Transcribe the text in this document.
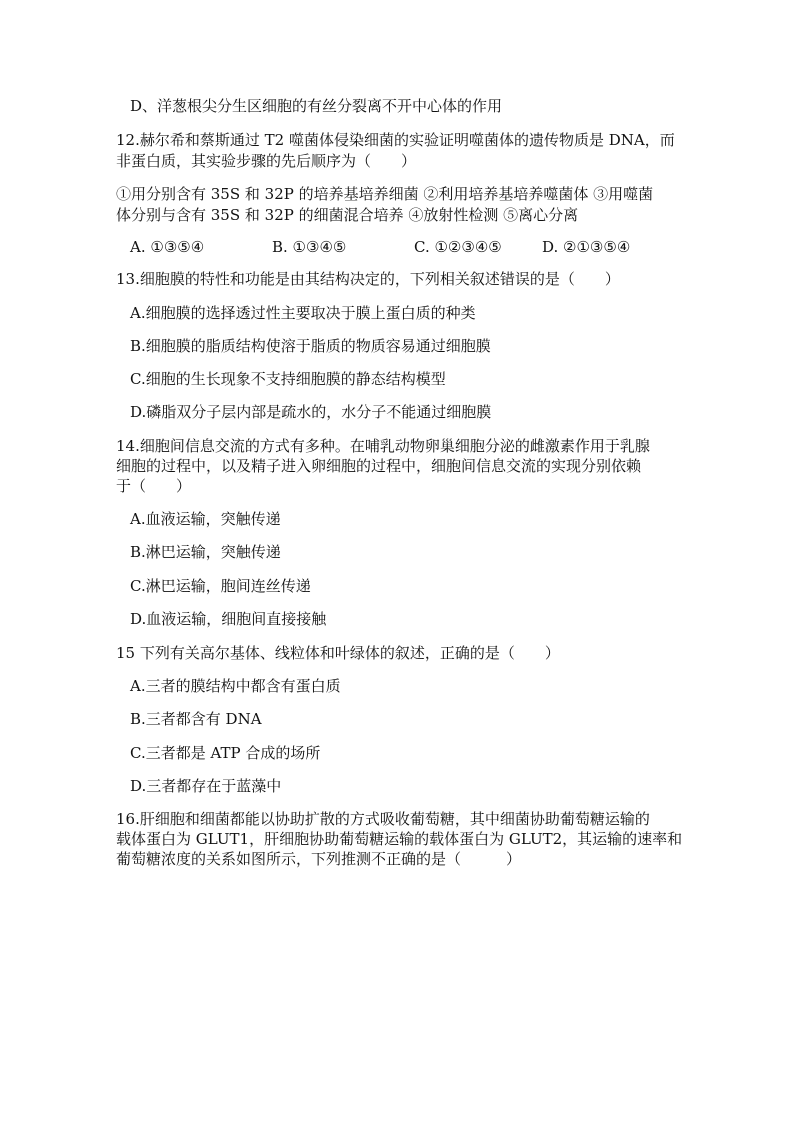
D、洋葱根尖分生区细胞的有丝分裂离不开中心体的作用
12.赫尔希和蔡斯通过 T2 噬菌体侵染细菌的实验证明噬菌体的遗传物质是 DNA，而
非蛋白质，其实验步骤的先后顺序为（　　）
①用分别含有 35S 和 32P 的培养基培养细菌 ②利用培养基培养噬菌体 ③用噬菌
体分别与含有 35S 和 32P 的细菌混合培养 ④放射性检测 ⑤离心分离
A. ①③⑤④	B. ①③④⑤	C. ①②③④⑤	D. ②①③⑤④
13.细胞膜的特性和功能是由其结构决定的，下列相关叙述错误的是（　　）
A.细胞膜的选择透过性主要取决于膜上蛋白质的种类
B.细胞膜的脂质结构使溶于脂质的物质容易通过细胞膜
C.细胞的生长现象不支持细胞膜的静态结构模型
D.磷脂双分子层内部是疏水的，水分子不能通过细胞膜
14.细胞间信息交流的方式有多种。在哺乳动物卵巢细胞分泌的雌激素作用于乳腺
细胞的过程中，以及精子进入卵细胞的过程中，细胞间信息交流的实现分别依赖
于（　　）
A.血液运输，突触传递
B.淋巴运输，突触传递
C.淋巴运输，胞间连丝传递
D.血液运输，细胞间直接接触
15 下列有关高尔基体、线粒体和叶绿体的叙述，正确的是（　　）
A.三者的膜结构中都含有蛋白质
B.三者都含有 DNA
C.三者都是 ATP 合成的场所
D.三者都存在于蓝藻中
16.肝细胞和细菌都能以协助扩散的方式吸收葡萄糖，其中细菌协助葡萄糖运输的
载体蛋白为 GLUT1，肝细胞协助葡萄糖运输的载体蛋白为 GLUT2，其运输的速率和
葡萄糖浓度的关系如图所示，下列推测不正确的是（　　　）
